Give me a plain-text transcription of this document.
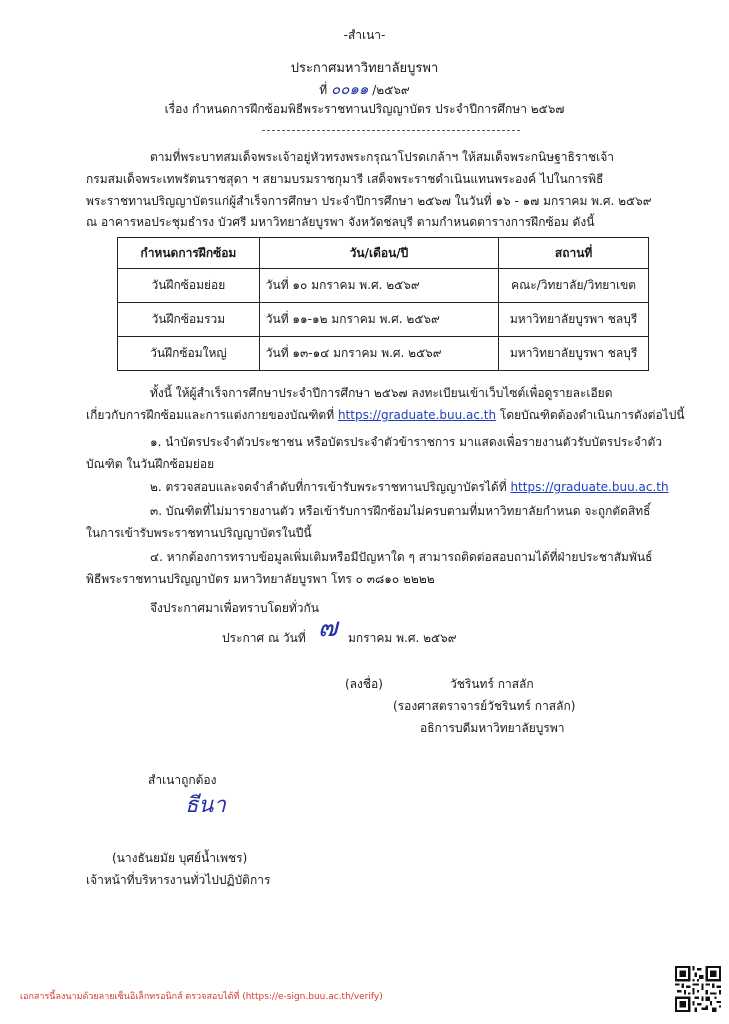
-สำเนา-
ประกาศมหาวิทยาลัยบูรพา
ที่ ๐๐๑๑ /๒๕๖๙
เรื่อง กำหนดการฝึกซ้อมพิธีพระราชทานปริญญาบัตร ประจำปีการศึกษา ๒๕๖๗
ตามที่พระบาทสมเด็จพระเจ้าอยู่หัวทรงพระกรุณาโปรดเกล้าฯ ให้สมเด็จพระกนิษฐาธิราชเจ้า
กรมสมเด็จพระเทพรัตนราชสุดา ฯ สยามบรมราชกุมารี เสด็จพระราชดำเนินแทนพระองค์ ไปในการพิธี
พระราชทานปริญญาบัตรแก่ผู้สำเร็จการศึกษา ประจำปีการศึกษา ๒๕๖๗ ในวันที่ ๑๖ - ๑๗ มกราคม พ.ศ. ๒๕๖๙
ณ อาคารหอประชุมธำรง บัวศรี มหาวิทยาลัยบูรพา จังหวัดชลบุรี ตามกำหนดตารางการฝึกซ้อม ดังนี้
กำหนดการฝึกซ้อม	วัน/เดือน/ปี	สถานที่
วันฝึกซ้อมย่อย	วันที่ ๑๐ มกราคม พ.ศ. ๒๕๖๙	คณะ/วิทยาลัย/วิทยาเขต
วันฝึกซ้อมรวม	วันที่ ๑๑-๑๒ มกราคม พ.ศ. ๒๕๖๙	มหาวิทยาลัยบูรพา ชลบุรี
วันฝึกซ้อมใหญ่	วันที่ ๑๓-๑๔ มกราคม พ.ศ. ๒๕๖๙	มหาวิทยาลัยบูรพา ชลบุรี
ทั้งนี้ ให้ผู้สำเร็จการศึกษาประจำปีการศึกษา ๒๕๖๗ ลงทะเบียนเข้าเว็บไซต์เพื่อดูรายละเอียด
เกี่ยวกับการฝึกซ้อมและการแต่งกายของบัณฑิตที่ https://graduate.buu.ac.th โดยบัณฑิตต้องดำเนินการดังต่อไปนี้
๑. นำบัตรประจำตัวประชาชน หรือบัตรประจำตัวข้าราชการ มาแสดงเพื่อรายงานตัวรับบัตรประจำตัว
บัณฑิต ในวันฝึกซ้อมย่อย
๒. ตรวจสอบและจดจำลำดับที่การเข้ารับพระราชทานปริญญาบัตรได้ที่ https://graduate.buu.ac.th
๓. บัณฑิตที่ไม่มารายงานตัว หรือเข้ารับการฝึกซ้อมไม่ครบตามที่มหาวิทยาลัยกำหนด จะถูกตัดสิทธิ์
ในการเข้ารับพระราชทานปริญญาบัตรในปีนี้
๔. หากต้องการทราบข้อมูลเพิ่มเติมหรือมีปัญหาใด ๆ สามารถติดต่อสอบถามได้ที่ฝ่ายประชาสัมพันธ์
พิธีพระราชทานปริญญาบัตร มหาวิทยาลัยบูรพา โทร ๐ ๓๘๑๐ ๒๒๒๒
จึงประกาศมาเพื่อทราบโดยทั่วกัน
ประกาศ ณ วันที่ ๗ มกราคม พ.ศ. ๒๕๖๙
(ลงชื่อ)	วัชรินทร์ กาสลัก
(รองศาสตราจารย์วัชรินทร์ กาสลัก)
อธิการบดีมหาวิทยาลัยบูรพา
สำเนาถูกต้อง
ธีนา
(นางธันยมัย บุศย์น้ำเพชร)
เจ้าหน้าที่บริหารงานทั่วไปปฏิบัติการ
เอกสารนี้ลงนามด้วยลายเซ็นอิเล็กทรอนิกส์ ตรวจสอบได้ที่ (https://e-sign.buu.ac.th/verify)
